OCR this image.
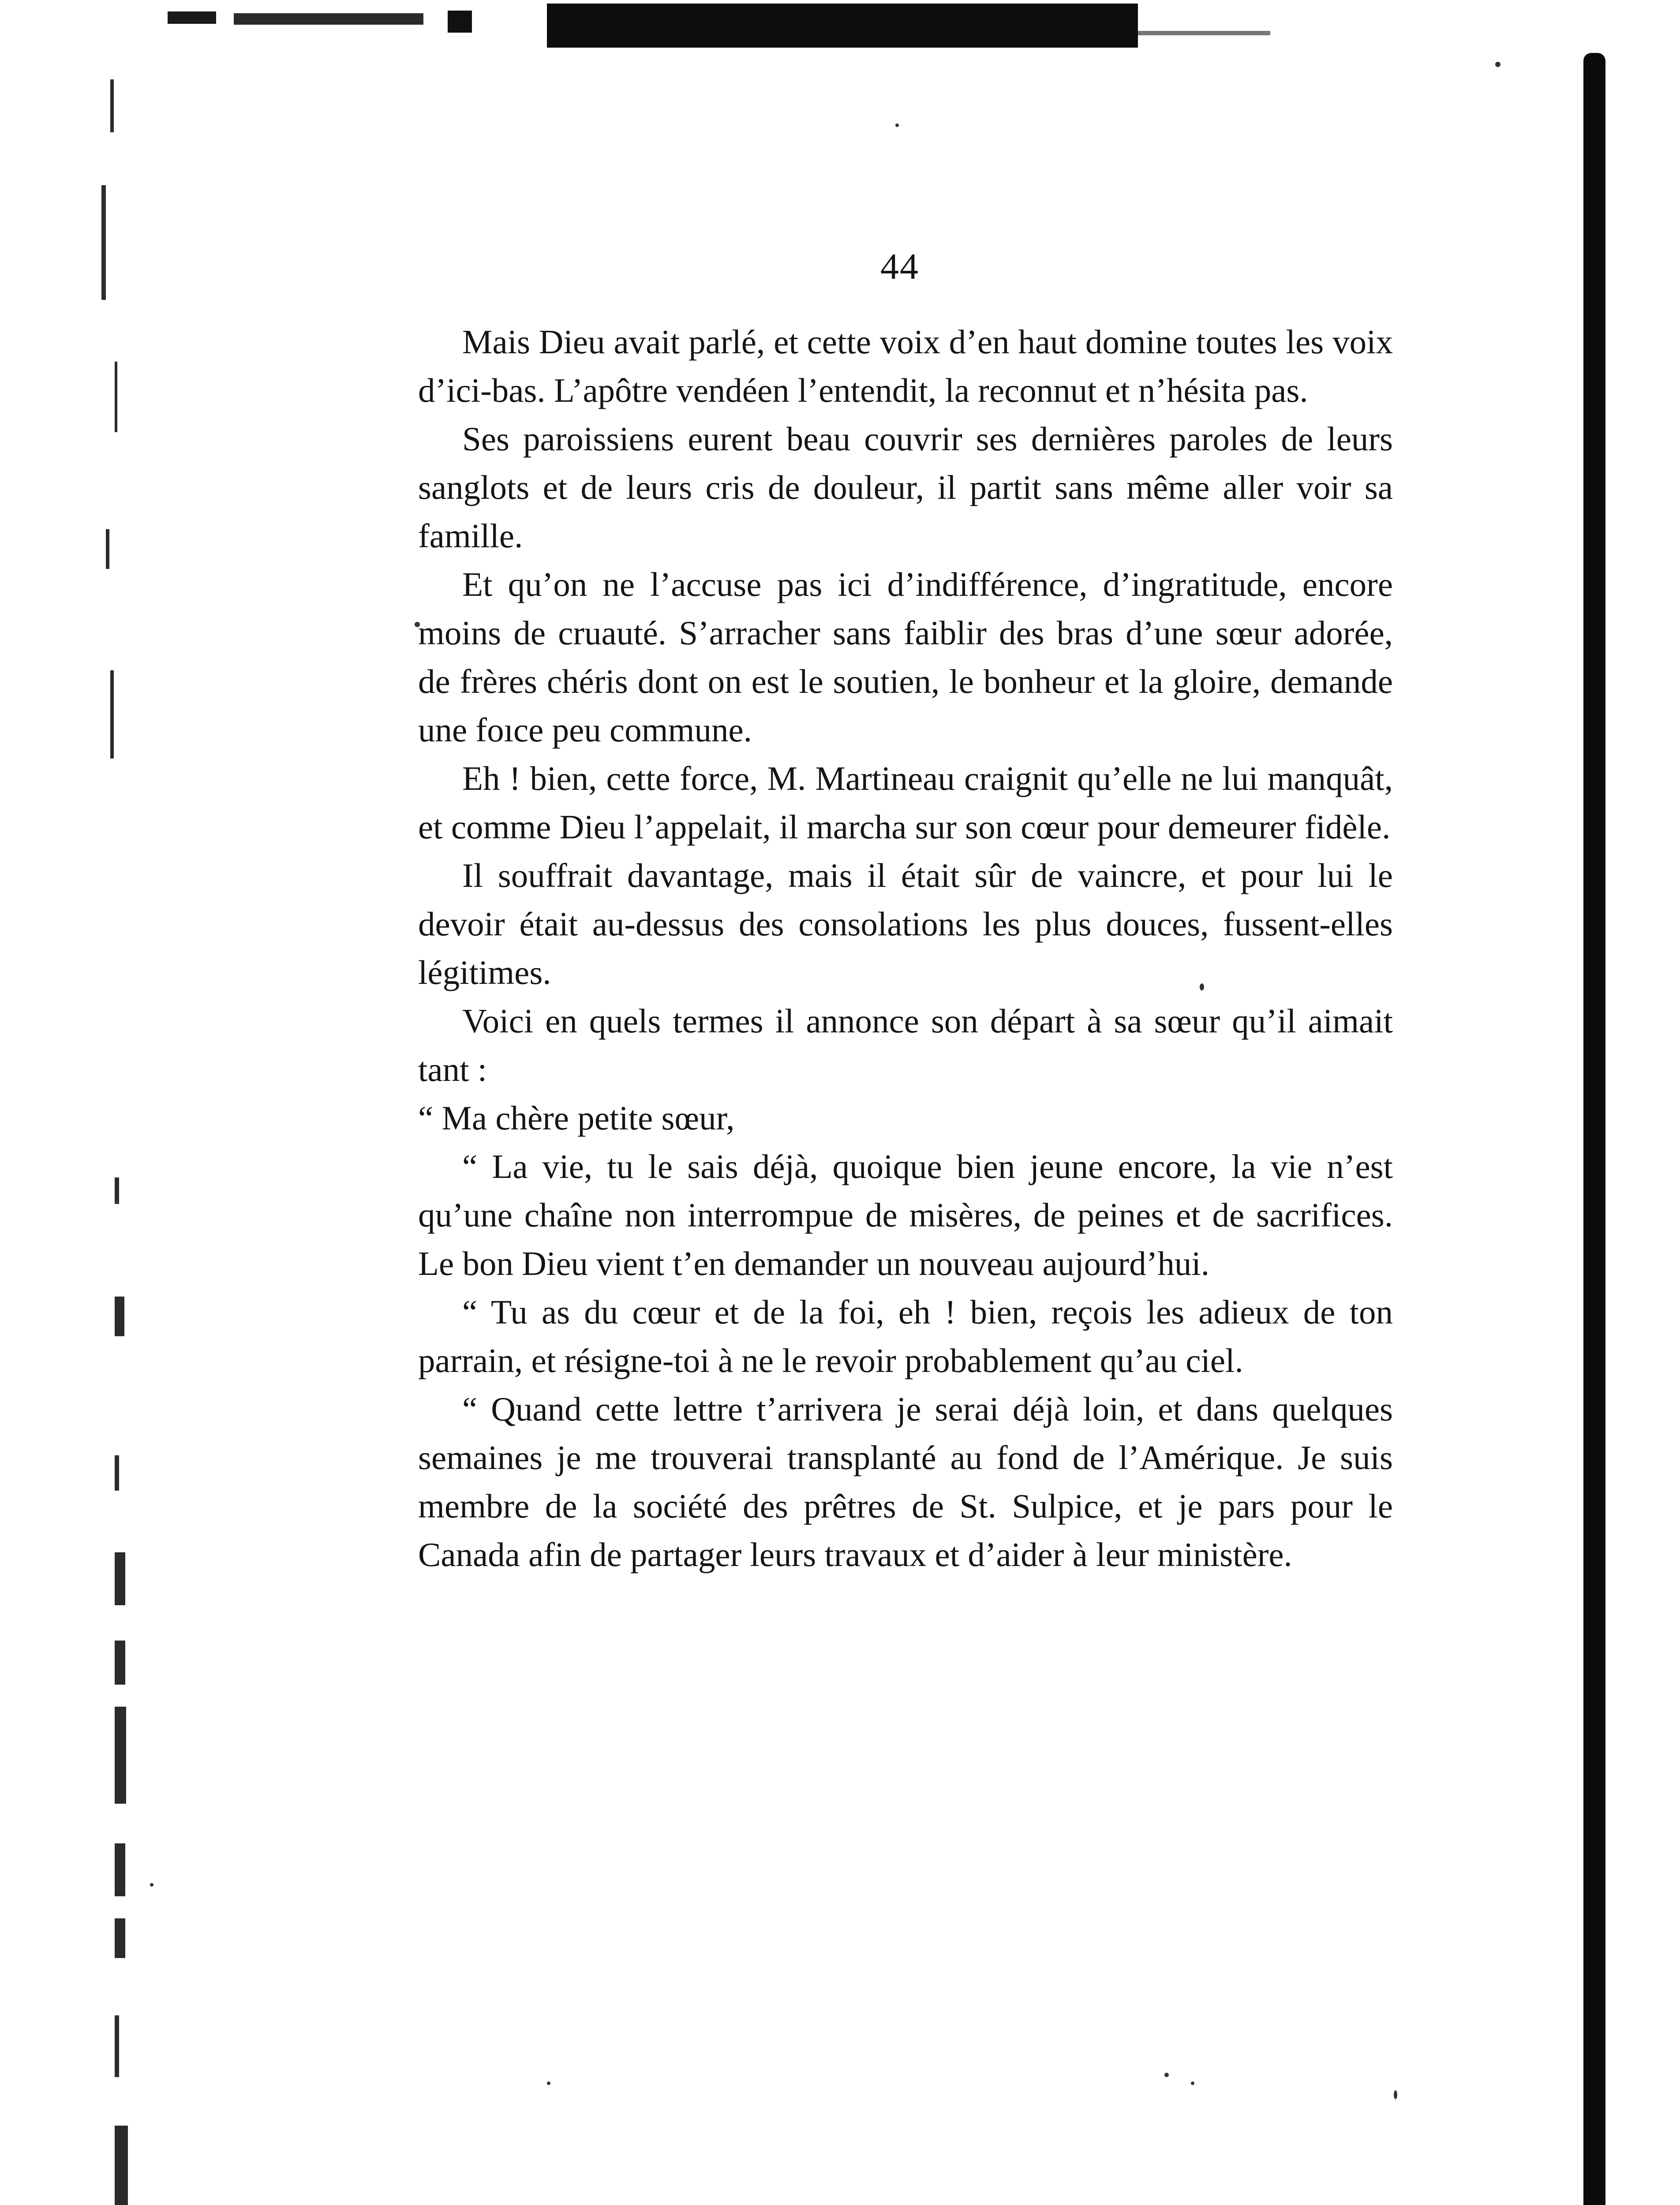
44

Mais Dieu avait parlé, et cette voix d’en haut domine toutes les voix d’ici-bas. L’apôtre vendéen l’entendit, la reconnut et n’hésita pas.

Ses paroissiens eurent beau couvrir ses dernières paroles de leurs sanglots et de leurs cris de douleur, il partit sans même aller voir sa famille.

Et qu’on ne l’accuse pas ici d’indifférence, d’ingratitude, encore moins de cruauté. S’arracher sans faiblir des bras d’une sœur adorée, de frères chéris dont on est le soutien, le bonheur et la gloire, demande une foıce peu commune.

Eh ! bien, cette force, M. Martineau craignit qu’elle ne lui manquât, et comme Dieu l’appelait, il marcha sur son cœur pour demeurer fidèle.

Il souffrait davantage, mais il était sûr de vaincre, et pour lui le devoir était au-dessus des consolations les plus douces, fussent-elles légitimes.

Voici en quels termes il annonce son départ à sa sœur qu’il aimait tant :

“ Ma chère petite sœur,

“ La vie, tu le sais déjà, quoique bien jeune encore, la vie n’est qu’une chaîne non interrompue de misères, de peines et de sacrifices. Le bon Dieu vient t’en demander un nouveau aujourd’hui.

“ Tu as du cœur et de la foi, eh ! bien, reçois les adieux de ton parrain, et résigne-toi à ne le revoir probablement qu’au ciel.

“ Quand cette lettre t’arrivera je serai déjà loin, et dans quelques semaines je me trouverai transplanté au fond de l’Amérique. Je suis membre de la société des prêtres de St. Sulpice, et je pars pour le Canada afin de partager leurs travaux et d’aider à leur ministère.
